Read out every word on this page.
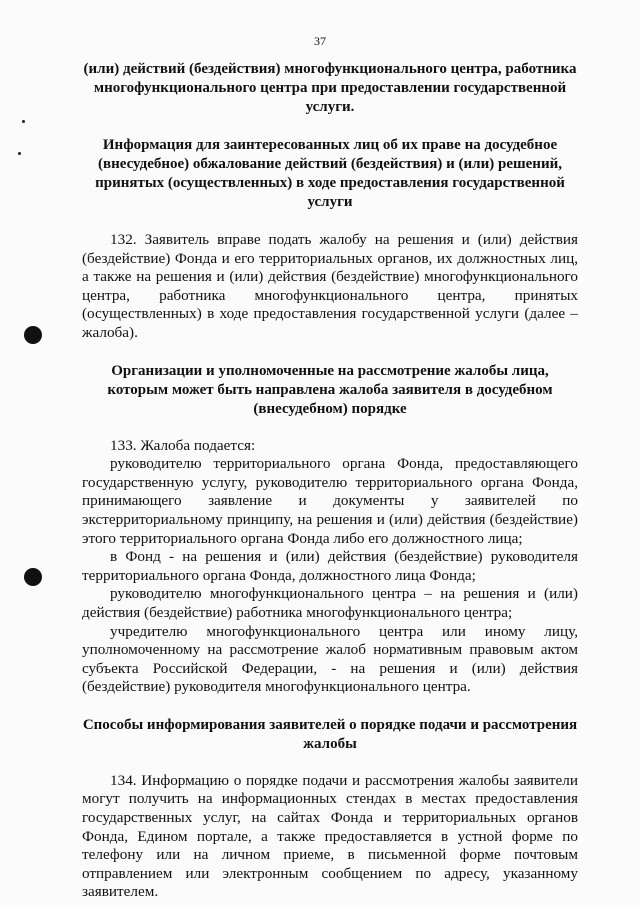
37
(или) действий (бездействия) многофункционального центра, работника многофункционального центра при предоставлении государственной услуги.
Информация для заинтересованных лиц об их праве на досудебное (внесудебное) обжалование действий (бездействия) и (или) решений, принятых (осуществленных) в ходе предоставления государственной услуги

132. Заявитель вправе подать жалобу на решения и (или) действия (бездействие) Фонда и его территориальных органов, их должностных лиц, а также на решения и (или) действия (бездействие) многофункционального центра, работника многофункционального центра, принятых (осуществленных) в ходе предоставления государственной услуги (далее – жалоба).

Организации и уполномоченные на рассмотрение жалобы лица, которым может быть направлена жалоба заявителя в досудебном (внесудебном) порядке

133. Жалоба подается:

руководителю территориального органа Фонда, предоставляющего государственную услугу, руководителю территориального органа Фонда, принимающего заявление и документы у заявителей по экстерриториальному принципу, на решения и (или) действия (бездействие) этого территориального органа Фонда либо его должностного лица;

в Фонд - на решения и (или) действия (бездействие) руководителя территориального органа Фонда, должностного лица Фонда;

руководителю многофункционального центра – на решения и (или) действия (бездействие) работника многофункционального центра;

учредителю многофункционального центра или иному лицу, уполномоченному на рассмотрение жалоб нормативным правовым актом субъекта Российской Федерации, - на решения и (или) действия (бездействие) руководителя многофункционального центра.

Способы информирования заявителей о порядке подачи и рассмотрения жалобы

134. Информацию о порядке подачи и рассмотрения жалобы заявители могут получить на информационных стендах в местах предоставления государственных услуг, на сайтах Фонда и территориальных органов Фонда, Едином портале, а также предоставляется в устной форме по телефону или на личном приеме, в письменной форме почтовым отправлением или электронным сообщением по адресу, указанному заявителем.
